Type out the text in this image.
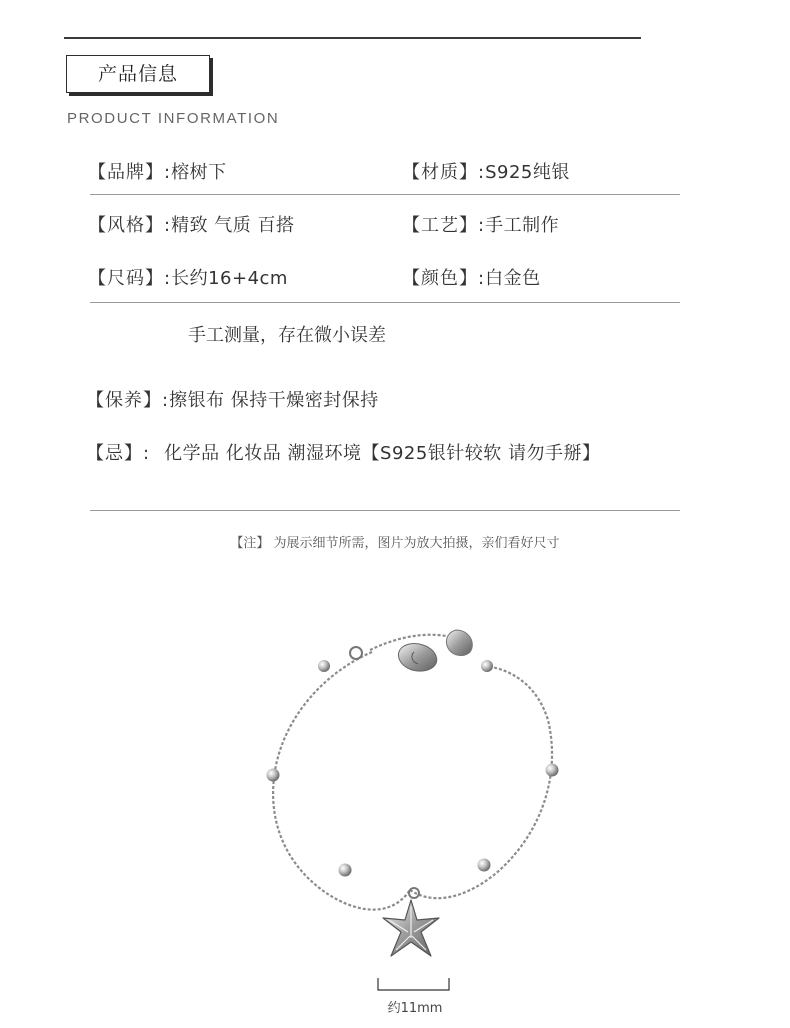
产品信息
PRODUCT INFORMATION
【品牌】:榕树下	【材质】:S925纯银
【风格】:精致 气质 百搭	【工艺】:手工制作
【尺码】:长约16+4cm	【颜色】:白金色
手工测量，存在微小误差
【保养】:擦银布 保持干燥密封保持
【忌】: 化学品 化妆品 潮湿环境【S925银针较软 请勿手掰】
【注】 为展示细节所需，图片为放大拍摄，亲们看好尺寸
约11mm
